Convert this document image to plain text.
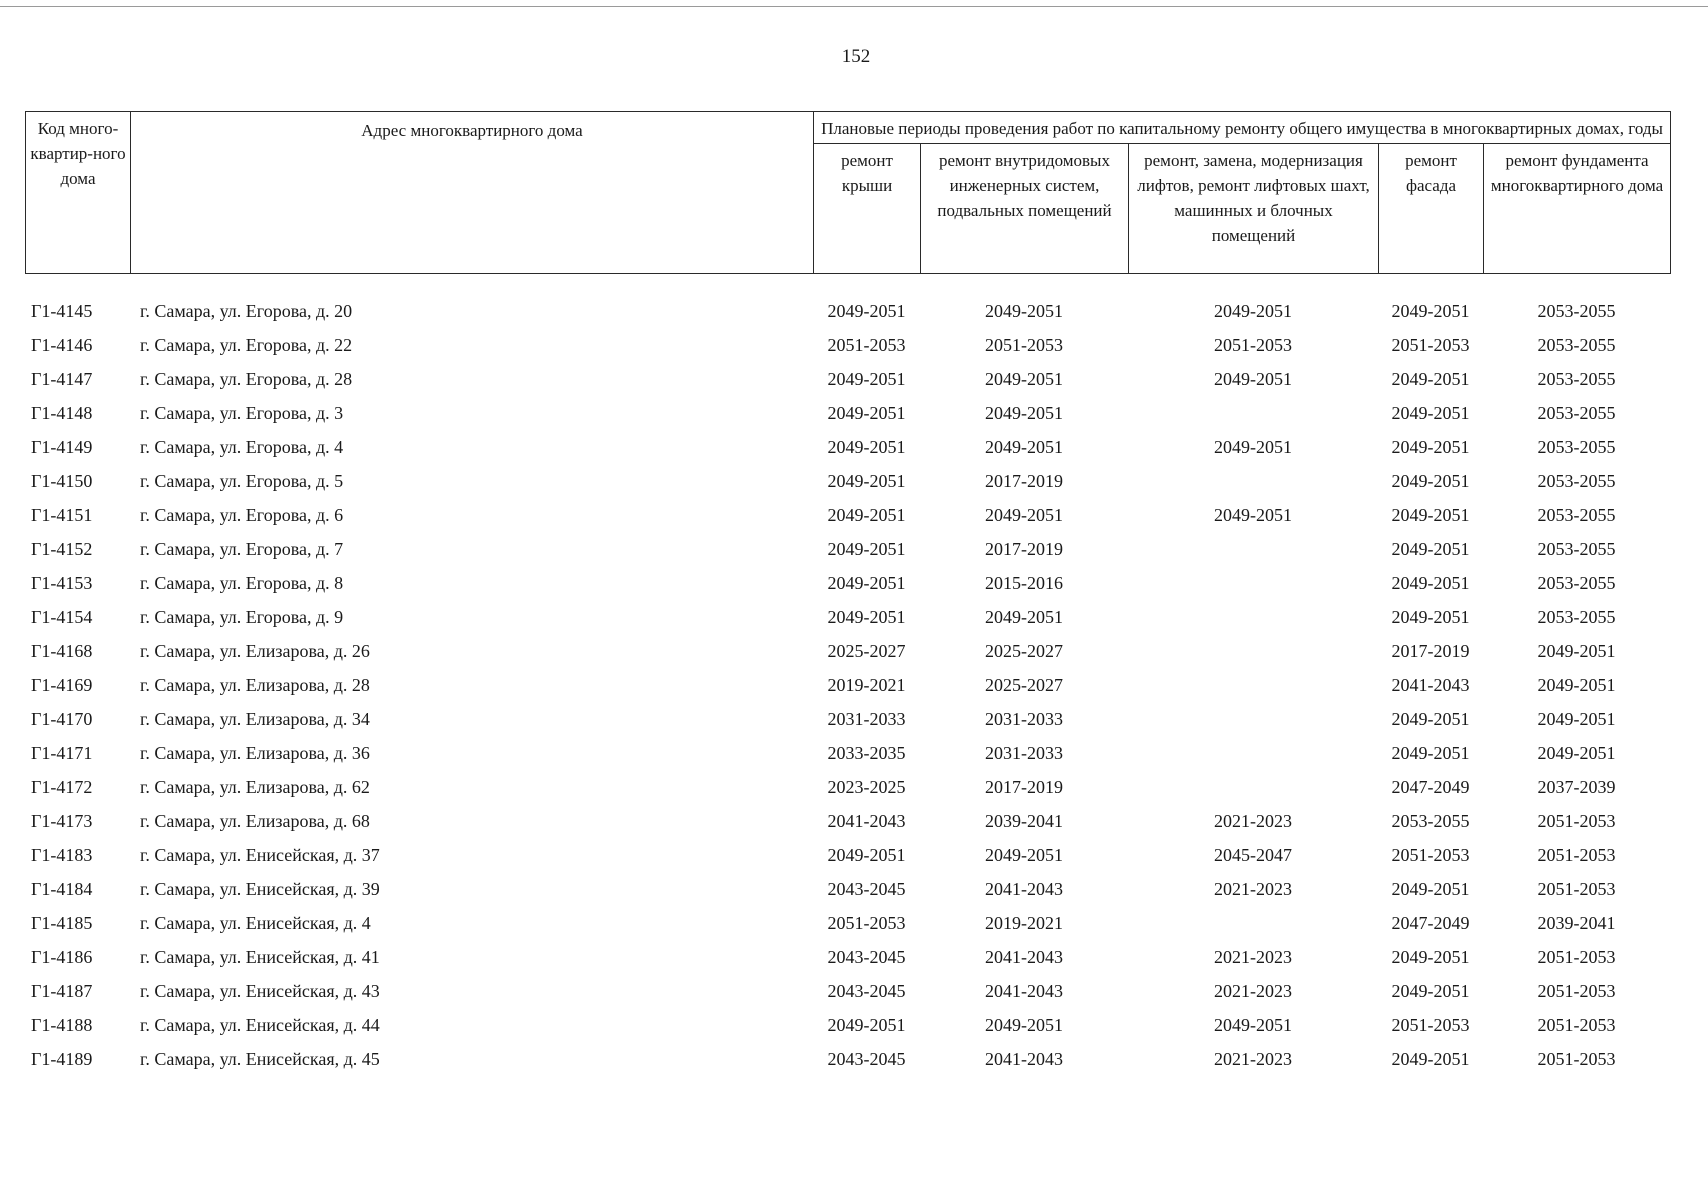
152
Код много-квартир-ного дома	Адрес многоквартирного дома	Плановые периоды проведения работ по капитальному ремонту общего имущества в многоквартирных домах, годы				
		ремонт крыши	ремонт внутридомовых инженерных систем, подвальных помещений	ремонт, замена, модернизация лифтов, ремонт лифтовых шахт, машинных и блочных помещений	ремонт фасада	ремонт фундамента многоквартирного дома
Г1-4145	г. Самара, ул. Егорова, д. 20	2049-2051	2049-2051	2049-2051	2049-2051	2053-2055
Г1-4146	г. Самара, ул. Егорова, д. 22	2051-2053	2051-2053	2051-2053	2051-2053	2053-2055
Г1-4147	г. Самара, ул. Егорова, д. 28	2049-2051	2049-2051	2049-2051	2049-2051	2053-2055
Г1-4148	г. Самара, ул. Егорова, д. 3	2049-2051	2049-2051		2049-2051	2053-2055
Г1-4149	г. Самара, ул. Егорова, д. 4	2049-2051	2049-2051	2049-2051	2049-2051	2053-2055
Г1-4150	г. Самара, ул. Егорова, д. 5	2049-2051	2017-2019		2049-2051	2053-2055
Г1-4151	г. Самара, ул. Егорова, д. 6	2049-2051	2049-2051	2049-2051	2049-2051	2053-2055
Г1-4152	г. Самара, ул. Егорова, д. 7	2049-2051	2017-2019		2049-2051	2053-2055
Г1-4153	г. Самара, ул. Егорова, д. 8	2049-2051	2015-2016		2049-2051	2053-2055
Г1-4154	г. Самара, ул. Егорова, д. 9	2049-2051	2049-2051		2049-2051	2053-2055
Г1-4168	г. Самара, ул. Елизарова, д. 26	2025-2027	2025-2027		2017-2019	2049-2051
Г1-4169	г. Самара, ул. Елизарова, д. 28	2019-2021	2025-2027		2041-2043	2049-2051
Г1-4170	г. Самара, ул. Елизарова, д. 34	2031-2033	2031-2033		2049-2051	2049-2051
Г1-4171	г. Самара, ул. Елизарова, д. 36	2033-2035	2031-2033		2049-2051	2049-2051
Г1-4172	г. Самара, ул. Елизарова, д. 62	2023-2025	2017-2019		2047-2049	2037-2039
Г1-4173	г. Самара, ул. Елизарова, д. 68	2041-2043	2039-2041	2021-2023	2053-2055	2051-2053
Г1-4183	г. Самара, ул. Енисейская, д. 37	2049-2051	2049-2051	2045-2047	2051-2053	2051-2053
Г1-4184	г. Самара, ул. Енисейская, д. 39	2043-2045	2041-2043	2021-2023	2049-2051	2051-2053
Г1-4185	г. Самара, ул. Енисейская, д. 4	2051-2053	2019-2021		2047-2049	2039-2041
Г1-4186	г. Самара, ул. Енисейская, д. 41	2043-2045	2041-2043	2021-2023	2049-2051	2051-2053
Г1-4187	г. Самара, ул. Енисейская, д. 43	2043-2045	2041-2043	2021-2023	2049-2051	2051-2053
Г1-4188	г. Самара, ул. Енисейская, д. 44	2049-2051	2049-2051	2049-2051	2051-2053	2051-2053
Г1-4189	г. Самара, ул. Енисейская, д. 45	2043-2045	2041-2043	2021-2023	2049-2051	2051-2053
